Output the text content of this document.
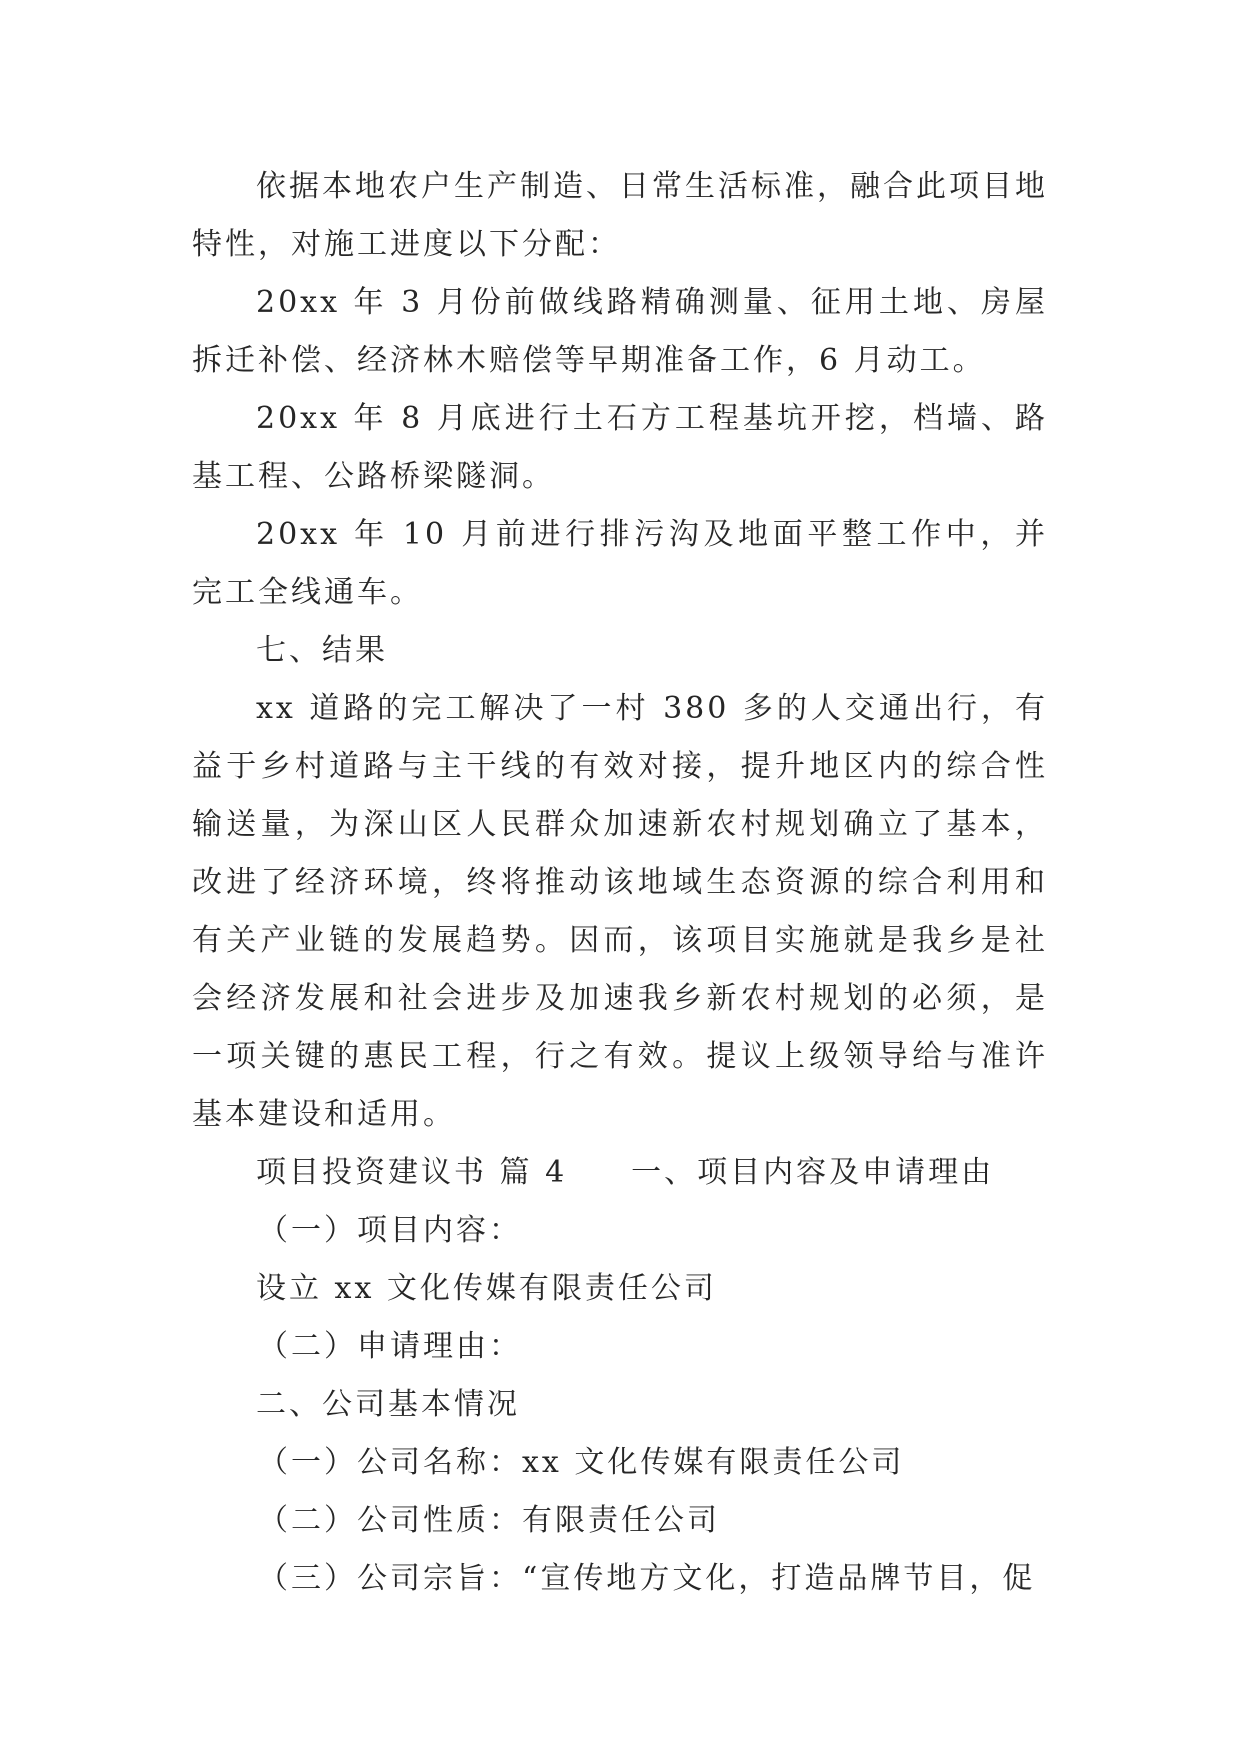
依据本地农户生产制造、日常生活标准，融合此项目地特性，对施工进度以下分配：

20xx 年 3 月份前做线路精确测量、征用土地、房屋拆迁补偿、经济林木赔偿等早期准备工作，6 月动工。

20xx 年 8 月底进行土石方工程基坑开挖，档墙、路基工程、公路桥梁隧洞。

20xx 年 10 月前进行排污沟及地面平整工作中，并完工全线通车。

七、结果

xx 道路的完工解决了一村 380 多的人交通出行，有益于乡村道路与主干线的有效对接，提升地区内的综合性输送量，为深山区人民群众加速新农村规划确立了基本，改进了经济环境，终将推动该地域生态资源的综合利用和有关产业链的发展趋势。因而，该项目实施就是我乡是社会经济发展和社会进步及加速我乡新农村规划的必须，是一项关键的惠民工程，行之有效。提议上级领导给与准许基本建设和适用。

项目投资建议书 篇 4 一、项目内容及申请理由

（一）项目内容：

设立 xx 文化传媒有限责任公司

（二）申请理由：

二、公司基本情况

（一）公司名称：xx 文化传媒有限责任公司

（二）公司性质：有限责任公司

（三）公司宗旨：“宣传地方文化，打造品牌节目，促
